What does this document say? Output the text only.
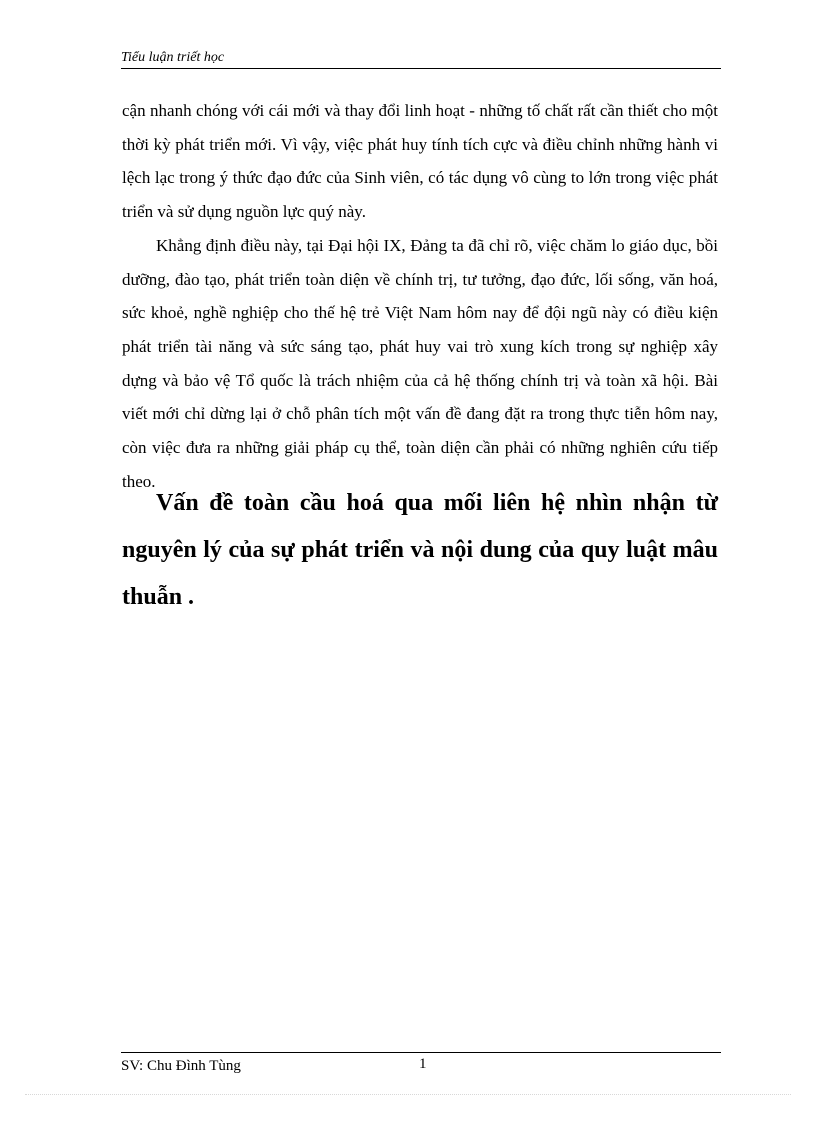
Tiểu luận triết học

cận nhanh chóng với cái mới và thay đổi linh hoạt - những tố chất rất cần thiết cho một thời kỳ phát triển mới. Vì vậy, việc phát huy tính tích cực và điều chỉnh những hành vi lệch lạc trong ý thức đạo đức của Sinh viên, có tác dụng vô cùng to lớn trong việc phát triển và sử dụng nguồn lực quý này.

Khẳng định điều này, tại Đại hội IX, Đảng ta đã chỉ rõ, việc chăm lo giáo dục, bồi dưỡng, đào tạo, phát triển toàn diện về chính trị, tư tưởng, đạo đức, lối sống, văn hoá, sức khoẻ, nghề nghiệp cho thế hệ trẻ Việt Nam hôm nay để đội ngũ này có điều kiện phát triển tài năng và sức sáng tạo, phát huy vai trò xung kích trong sự nghiệp xây dựng và bảo vệ Tổ quốc là trách nhiệm của cả hệ thống chính trị và toàn xã hội. Bài viết mới chỉ dừng lại ở chỗ phân tích một vấn đề đang đặt ra trong thực tiễn hôm nay, còn việc đưa ra những giải pháp cụ thể, toàn diện cần phải có những nghiên cứu tiếp theo.

Vấn đề toàn cầu hoá qua mối liên hệ nhìn nhận từ nguyên lý của sự phát triển và nội dung của quy luật mâu thuẫn .
SV: Chu Đình Tùng	1
